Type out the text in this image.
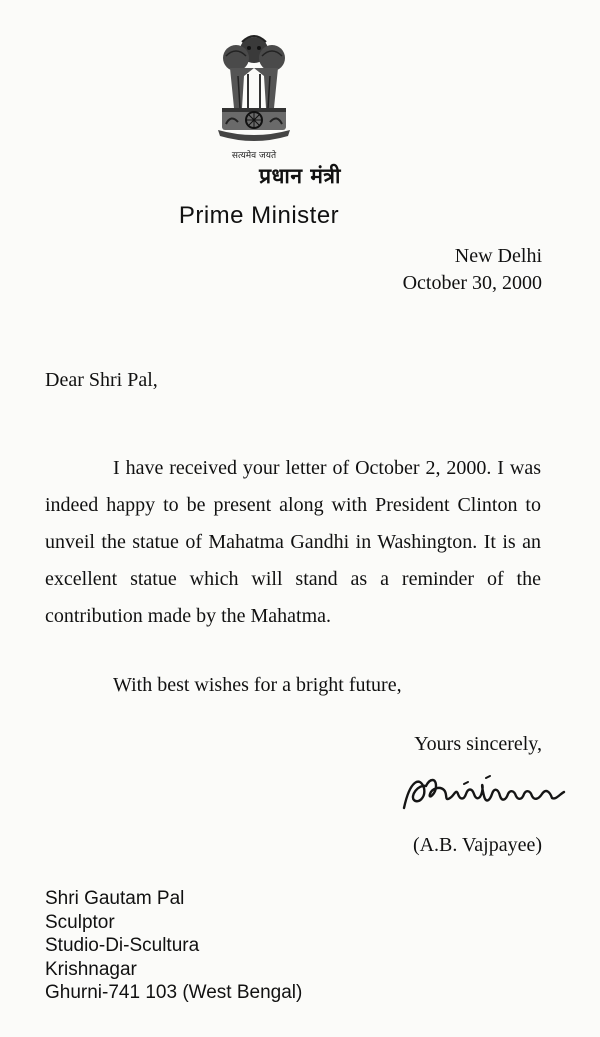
सत्यमेव जयते
प्रधान मंत्री
Prime Minister
New Delhi
October 30, 2000
Dear Shri Pal,
I have received your letter of October 2, 2000. I was indeed happy to be present along with President Clinton to unveil the statue of Mahatma Gandhi in Washington. It is an excellent statue which will stand as a reminder of the contribution made by the Mahatma.
With best wishes for a bright future,
Yours sincerely,
(A.B. Vajpayee)
Shri Gautam Pal
Sculptor
Studio-Di-Scultura
Krishnagar
Ghurni-741 103 (West Bengal)
